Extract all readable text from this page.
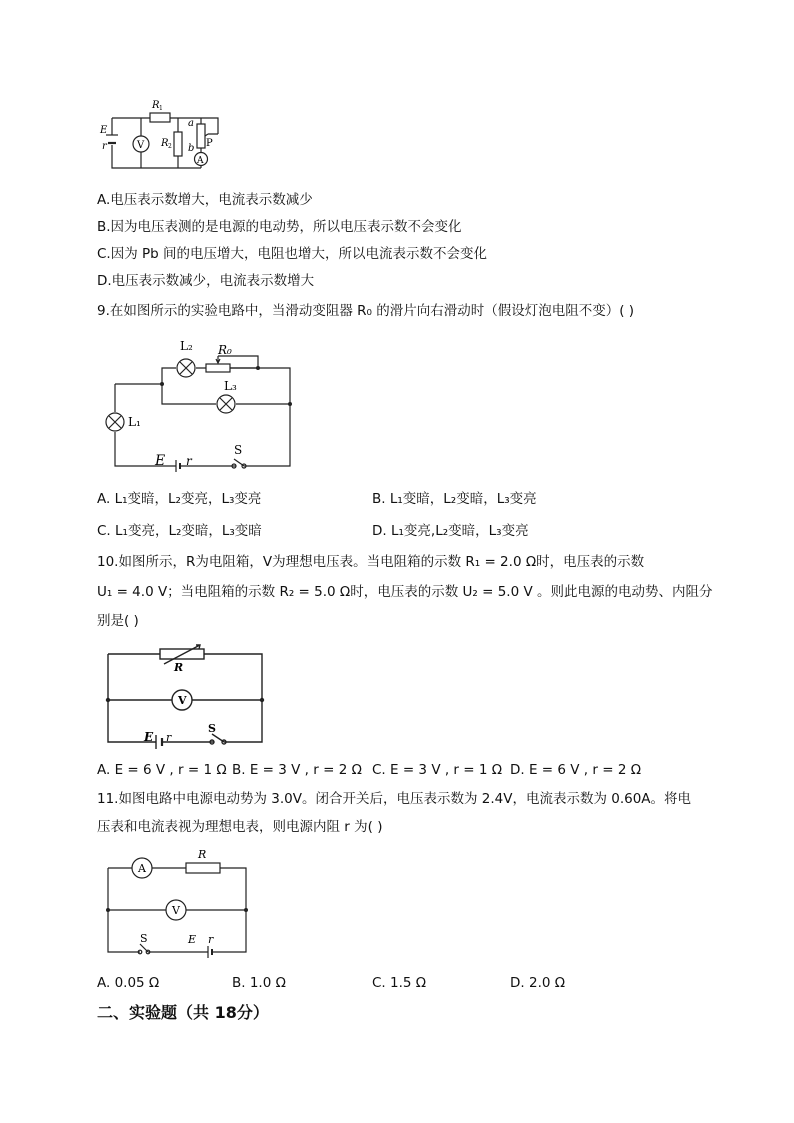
R 1
V
E
r	R 2
a
b P
A
A.电压表示数增大，电流表示数减少
B.因为电压表测的是电源的电动势，所以电压表示数不会变化
C.因为 Pb 间的电压增大，电阻也增大，所以电流表示数不会变化
D.电压表示数减少，电流表示数增大
9.在如图所示的实验电路中，当滑动变阻器 R₀ 的滑片向右滑动时（假设灯泡电阻不变）( )
L₂ R₀
L₃
L₁
E r
S
A. L₁变暗，L₂变亮，L₃变亮	B. L₁变暗，L₂变暗，L₃变亮
C. L₁变亮，L₂变暗，L₃变暗	D. L₁变亮,L₂变暗，L₃变亮
10.如图所示，R为电阻箱，V为理想电压表。当电阻箱的示数 R₁ = 2.0 Ω时，电压表的示数
U₁ = 4.0 V；当电阻箱的示数 R₂ = 5.0 Ω时，电压表的示数 U₂ = 5.0 V 。则此电源的电动势、内阻分
别是( )
R
V
E r
S
A. E = 6 V , r = 1 Ω B. E = 3 V , r = 2 Ω C. E = 3 V , r = 1 Ω D. E = 6 V , r = 2 Ω
11.如图电路中电源电动势为 3.0V。闭合开关后，电压表示数为 2.4V，电流表示数为 0.60A。将电
压表和电流表视为理想电表，则电源内阻 r 为( )
A
R
V
S	E r
A. 0.05 Ω	B. 1.0 Ω	C. 1.5 Ω	D. 2.0 Ω
二、实验题（共 18分）
